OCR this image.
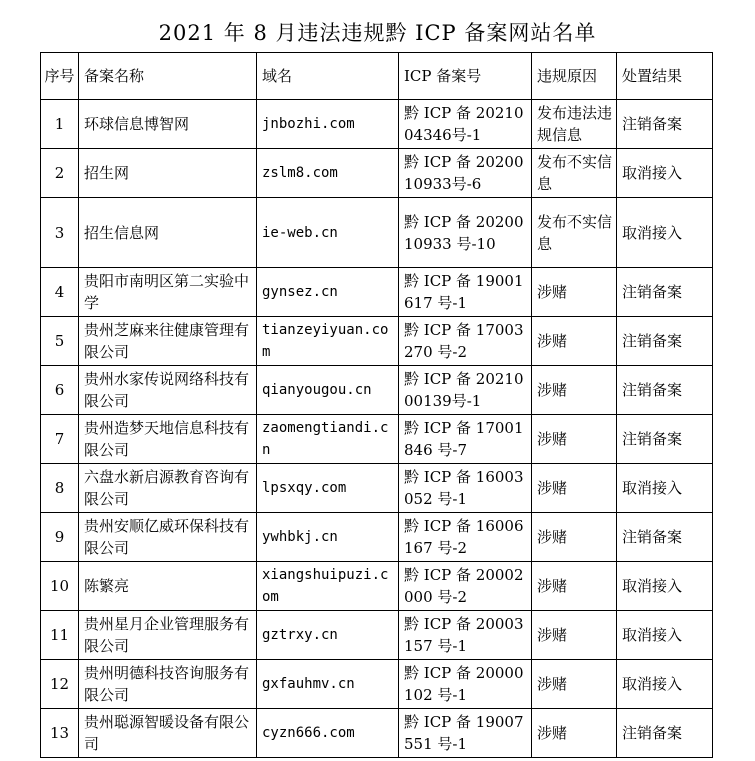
2021 年 8 月违法违规黔 ICP 备案网站名单
序号	备案名称	域名	ICP 备案号	违规原因	处置结果
1	环球信息博智网	jnbozhi.com	黔 ICP 备 2021004346号-1	发布违法违规信息	注销备案
2	招生网	zslm8.com	黔 ICP 备 2020010933号-6	发布不实信息	取消接入
3	招生信息网	ie-web.cn	黔 ICP 备 2020010933 号-10	发布不实信息	取消接入
4	贵阳市南明区第二实验中学	gynsez.cn	黔 ICP 备 19001617 号-1	涉赌	注销备案
5	贵州芝麻来往健康管理有限公司	tianzeyiyuan.com	黔 ICP 备 17003270 号-2	涉赌	注销备案
6	贵州水家传说网络科技有限公司	qianyougou.cn	黔 ICP 备 2021000139号-1	涉赌	注销备案
7	贵州造梦天地信息科技有限公司	zaomengtiandi.cn	黔 ICP 备 17001846 号-7	涉赌	注销备案
8	六盘水新启源教育咨询有限公司	lpsxqy.com	黔 ICP 备 16003052 号-1	涉赌	取消接入
9	贵州安顺亿威环保科技有限公司	ywhbkj.cn	黔 ICP 备 16006167 号-2	涉赌	注销备案
10	陈繁亮	xiangshuipuzi.com	黔 ICP 备 20002000 号-2	涉赌	取消接入
11	贵州星月企业管理服务有限公司	gztrxy.cn	黔 ICP 备 20003157 号-1	涉赌	取消接入
12	贵州明德科技咨询服务有限公司	gxfauhmv.cn	黔 ICP 备 20000102 号-1	涉赌	取消接入
13	贵州聪源智暖设备有限公司	cyzn666.com	黔 ICP 备 19007551 号-1	涉赌	注销备案
